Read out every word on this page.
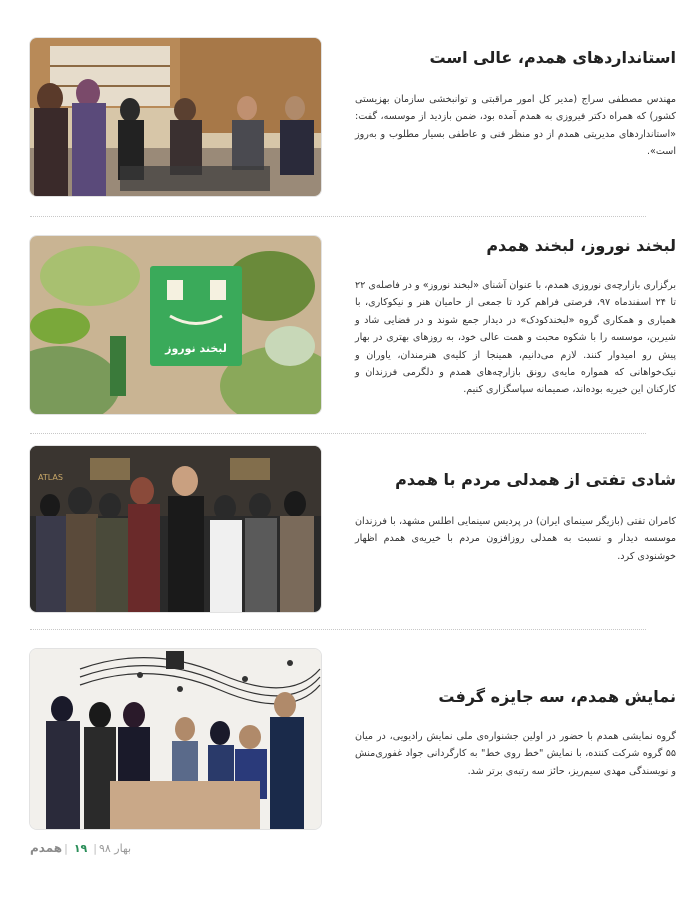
استانداردهای همدم، عالی است

مهندس مصطفی سراج (مدیر کل امور مراقبتی و توانبخشی سازمان بهزیستی کشور) که همراه دکتر فیروزی به همدم آمده بود، ضمن بازدید از موسسه، گفت: «استانداردهای مدیریتی همدم از دو منظر فنی و عاطفی بسیار مطلوب و به‌روز است».

لبخند نوروز
لبخند نوروز، لبخند همدم

برگزاری بازارچه‌ی نوروزی همدم، با عنوان آشنای «لبخند نوروز» و در فاصله‌ی ۲۲ تا ۲۴ اسفندماه ۹۷، فرصتی فراهم کرد تا جمعی از حامیان هنر و نیکوکاری، با همیاری و همکاری گروه «لبخندکودک» در دیدار جمع شوند و در فضایی شاد و شیرین، موسسه را با شکوه محبت و همت عالی خود، به روزهای بهتری در بهار پیش رو امیدوار کنند. لازم می‌دانیم، همینجا از کلیه‌ی هنرمندان، یاوران و نیک‌خواهانی که همواره مایه‌ی رونق بازارچه‌های همدم و دلگرمی فرزندان و کارکنان این خیریه بوده‌اند، صمیمانه سپاسگزاری کنیم.

ATLAS	شادی تفتی از همدلی مردم با همدم

کامران تفتی (بازیگر سینمای ایران) در پردیس سینمایی اطلس مشهد، با فرزندان موسسه دیدار و نسبت به همدلی روزافزون مردم با خیریه‌ی همدم اظهار خوشنودی کرد.

نمایش همدم، سه جایزه گرفت

گروه نمایشی همدم با حضور در اولین جشنواره‌ی ملی نمایش رادیویی، در میان ۵۵ گروه شرکت کننده، با نمایش "خط روی خط" به کارگردانی جواد غفوری‌منش و نویسندگی مهدی سیم‌ریز، حائز سه رتبه‌ی برتر شد.

همدم | ۱۹ | بهار ۹۸
